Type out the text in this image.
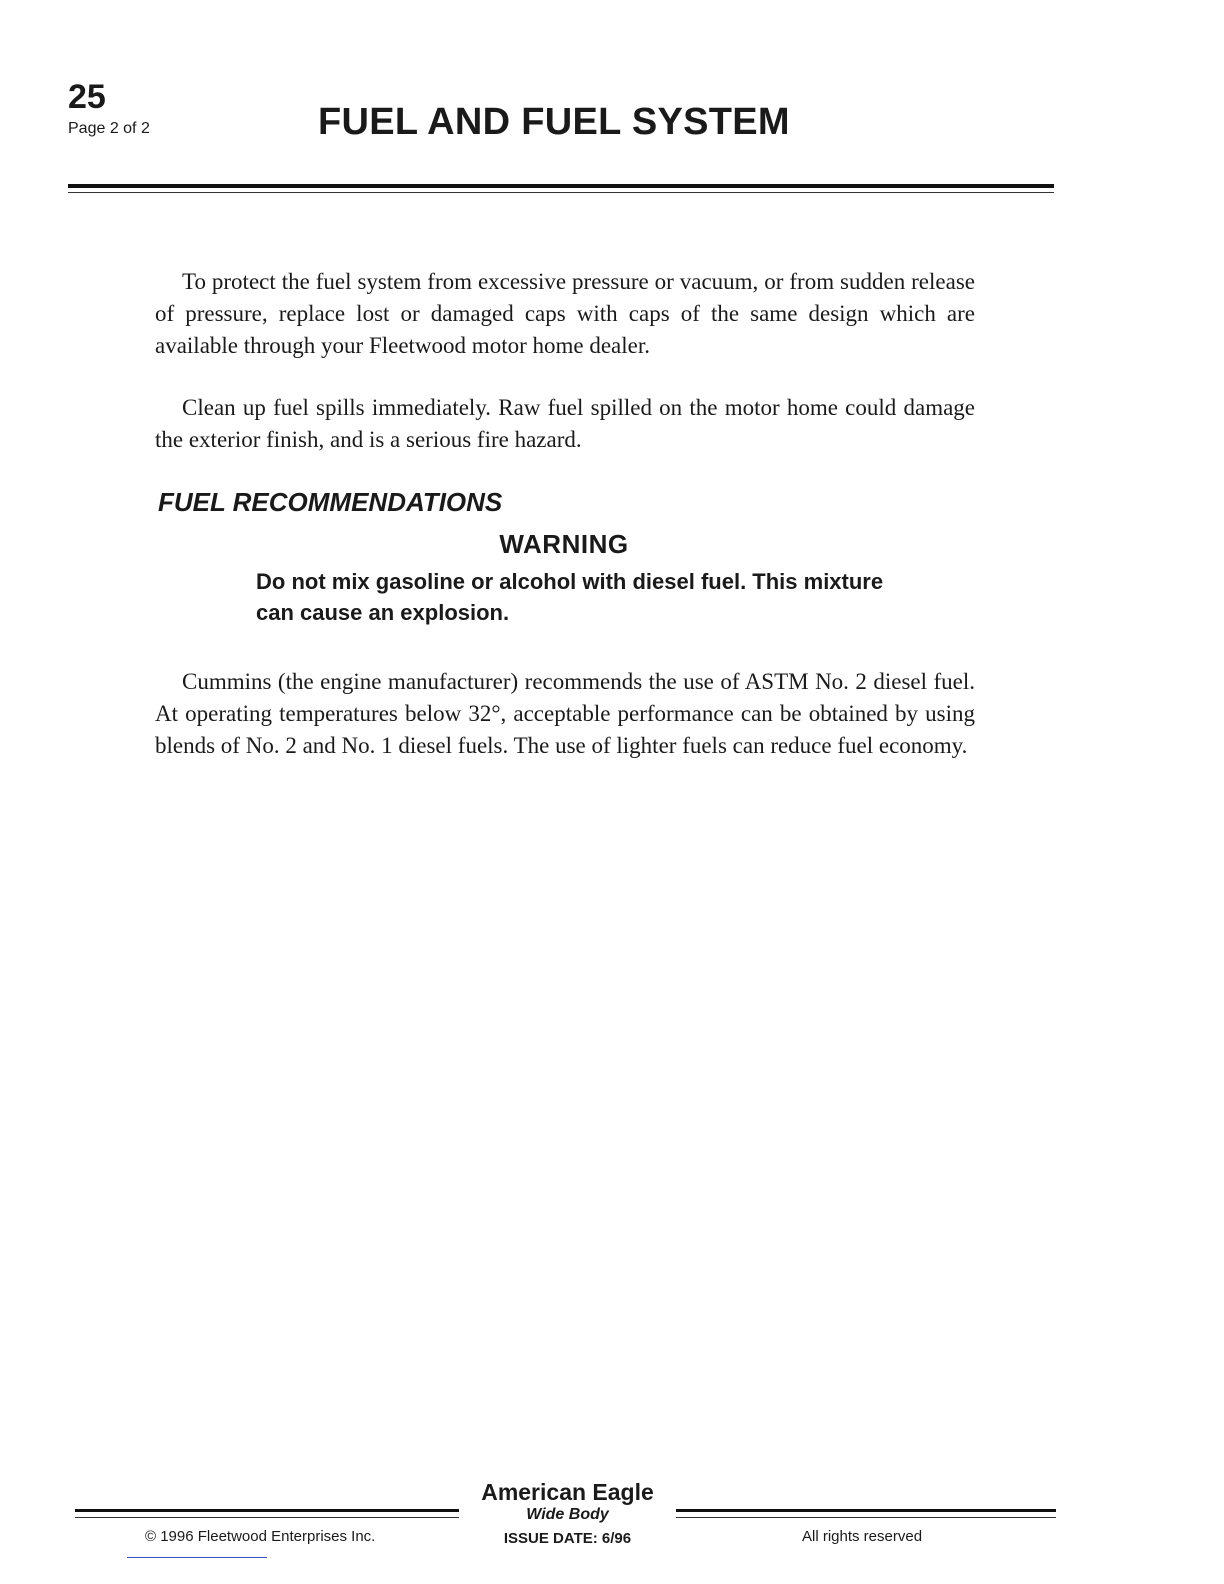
25
Page 2 of 2	FUEL AND FUEL SYSTEM

To protect the fuel system from excessive pressure or vacuum, or from sudden release of pressure, replace lost or damaged caps with caps of the same design which are available through your Fleetwood motor home dealer.

Clean up fuel spills immediately. Raw fuel spilled on the motor home could damage the exterior finish, and is a serious fire hazard.

FUEL RECOMMENDATIONS
WARNING

Do not mix gasoline or alcohol with diesel fuel. This mixture can cause an explosion.

Cummins (the engine manufacturer) recommends the use of ASTM No. 2 diesel fuel. At operating temperatures below 32°, acceptable performance can be obtained by using blends of No. 2 and No. 1 diesel fuels. The use of lighter fuels can reduce fuel economy.

American Eagle
Wide Body
© 1996 Fleetwood Enterprises Inc.	ISSUE DATE: 6/96	All rights reserved
